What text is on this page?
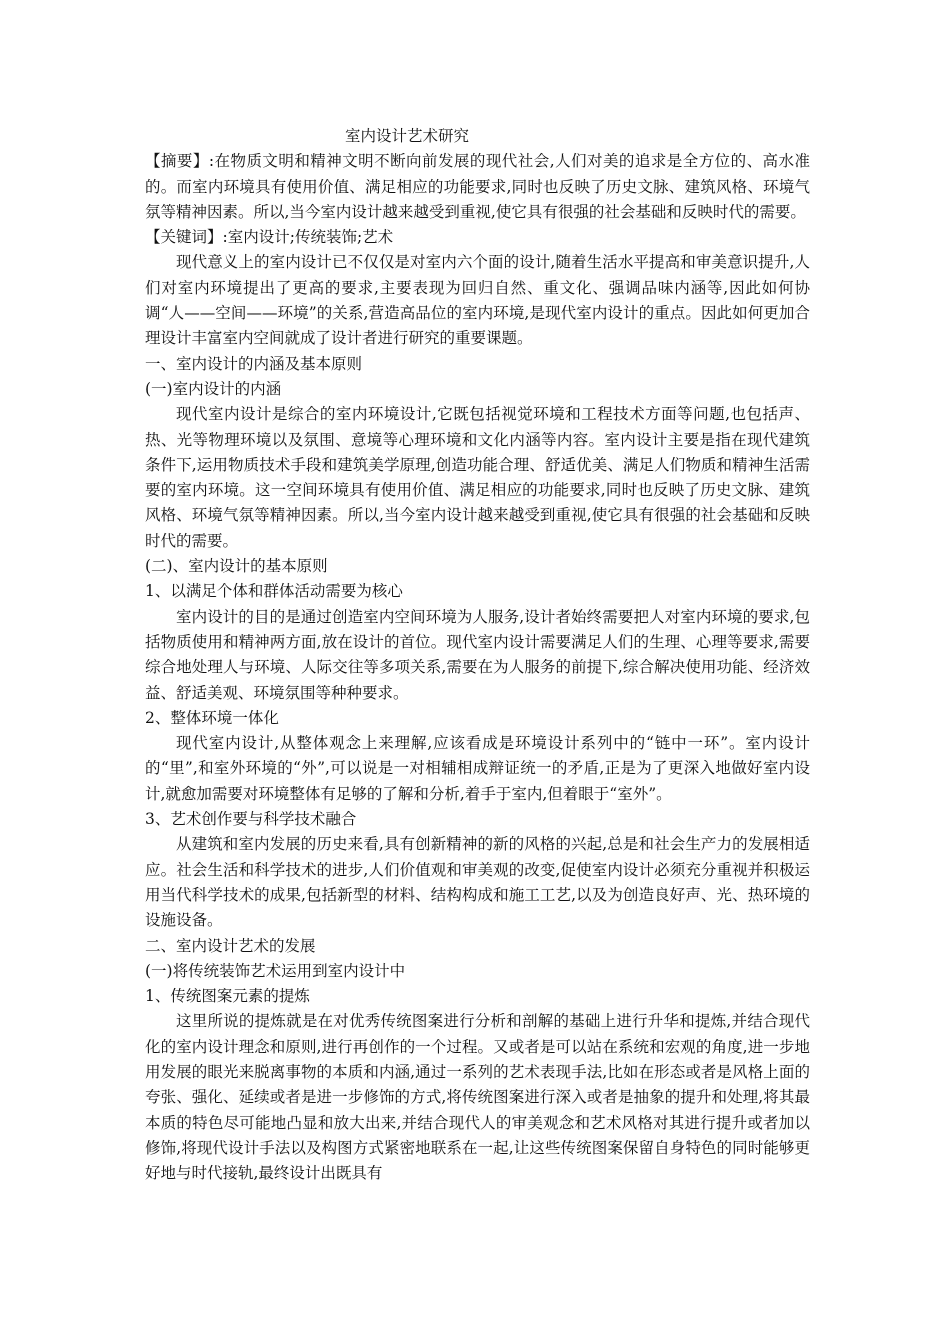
室内设计艺术研究

【摘要】:在物质文明和精神文明不断向前发展的现代社会,人们对美的追求是全方位的、高水准的。而室内环境具有使用价值、满足相应的功能要求,同时也反映了历史文脉、建筑风格、环境气氛等精神因素。所以,当今室内设计越来越受到重视,使它具有很强的社会基础和反映时代的需要。

【关键词】:室内设计;传统装饰;艺术

现代意义上的室内设计已不仅仅是对室内六个面的设计,随着生活水平提高和审美意识提升,人们对室内环境提出了更高的要求,主要表现为回归自然、重文化、强调品味内涵等,因此如何协调“人——空间——环境”的关系,营造高品位的室内环境,是现代室内设计的重点。因此如何更加合理设计丰富室内空间就成了设计者进行研究的重要课题。

一、室内设计的内涵及基本原则

(一)室内设计的内涵

现代室内设计是综合的室内环境设计,它既包括视觉环境和工程技术方面等问题,也包括声、热、光等物理环境以及氛围、意境等心理环境和文化内涵等内容。室内设计主要是指在现代建筑条件下,运用物质技术手段和建筑美学原理,创造功能合理、舒适优美、满足人们物质和精神生活需要的室内环境。这一空间环境具有使用价值、满足相应的功能要求,同时也反映了历史文脉、建筑风格、环境气氛等精神因素。所以,当今室内设计越来越受到重视,使它具有很强的社会基础和反映时代的需要。

(二)、室内设计的基本原则

1、以满足个体和群体活动需要为核心

室内设计的目的是通过创造室内空间环境为人服务,设计者始终需要把人对室内环境的要求,包括物质使用和精神两方面,放在设计的首位。现代室内设计需要满足人们的生理、心理等要求,需要综合地处理人与环境、人际交往等多项关系,需要在为人服务的前提下,综合解决使用功能、经济效益、舒适美观、环境氛围等种种要求。

2、整体环境一体化

现代室内设计,从整体观念上来理解,应该看成是环境设计系列中的“链中一环”。室内设计的“里”,和室外环境的“外”,可以说是一对相辅相成辩证统一的矛盾,正是为了更深入地做好室内设计,就愈加需要对环境整体有足够的了解和分析,着手于室内,但着眼于“室外”。

3、艺术创作要与科学技术融合

从建筑和室内发展的历史来看,具有创新精神的新的风格的兴起,总是和社会生产力的发展相适应。社会生活和科学技术的进步,人们价值观和审美观的改变,促使室内设计必须充分重视并积极运用当代科学技术的成果,包括新型的材料、结构构成和施工工艺,以及为创造良好声、光、热环境的设施设备。

二、室内设计艺术的发展

(一)将传统装饰艺术运用到室内设计中

1、传统图案元素的提炼

这里所说的提炼就是在对优秀传统图案进行分析和剖解的基础上进行升华和提炼,并结合现代化的室内设计理念和原则,进行再创作的一个过程。又或者是可以站在系统和宏观的角度,进一步地用发展的眼光来脱离事物的本质和内涵,通过一系列的艺术表现手法,比如在形态或者是风格上面的夸张、强化、延续或者是进一步修饰的方式,将传统图案进行深入或者是抽象的提升和处理,将其最本质的特色尽可能地凸显和放大出来,并结合现代人的审美观念和艺术风格对其进行提升或者加以修饰,将现代设计手法以及构图方式紧密地联系在一起,让这些传统图案保留自身特色的同时能够更好地与时代接轨,最终设计出既具有
